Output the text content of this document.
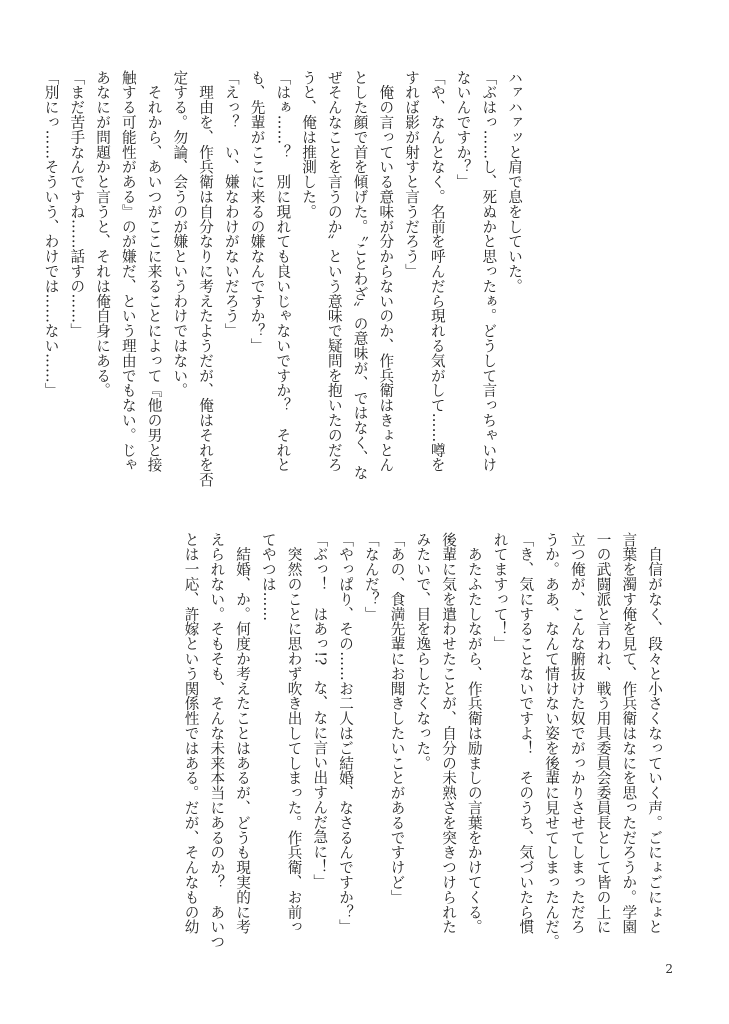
ハァハァッと肩で息をしていた。
「ぶはっ……し、死ぬかと思ったぁ。どうして言っちゃいけ
ないんですか？」
「や、なんとなく。名前を呼んだら現れる気がして……噂を
すれば影が射すと言うだろう」
　俺の言っている意味が分からないのか、作兵衛はきょとん
とした顔で首を傾げた。〝ことわざ〟の意味が、ではなく、な
ぜそんなことを言うのか〟という意味で疑問を抱いたのだろ
うと、俺は推測した。
「はぁ……？　別に現れても良いじゃないですか？　それと
も、先輩がここに来るの嫌なんですか？」
「えっ？　い、嫌なわけがないだろう」
　理由を、作兵衛は自分なりに考えたようだが、俺はそれを否
定する。勿論、会うのが嫌というわけではない。
　それから、あいつがここに来ることによって『他の男と接
触する可能性がある』のが嫌だ、という理由でもない。じゃ
あなにが問題かと言うと、それは俺自身にある。
「まだ苦手なんですね……話すの……」
「別にっ……そういう、わけでは……ない……」
　自信がなく、段々と小さくなっていく声。ごにょごにょと
言葉を濁す俺を見て、作兵衛はなにを思っただろうか。学園
一の武闘派と言われ、戦う用具委員会委員長として皆の上に
立つ俺が、こんな腑抜けた奴でがっかりさせてしまっただろ
うか。ああ、なんて情けない姿を後輩に見せてしまったんだ。
「き、気にすることないですよ！　そのうち、気づいたら慣
れてますって！」
　あたふたしながら、作兵衛は励ましの言葉をかけてくる。
後輩に気を遣わせたことが、自分の未熟さを突きつけられた
みたいで、目を逸らしたくなった。
「あの、食満先輩にお聞きしたいことがあるですけど」
「なんだ？」
「やっぱり、その……お二人はご結婚、なさるんですか？」
「ぶっ！　はあっ!?　な、なに言い出すんだ急に！」
　突然のことに思わず吹き出してしまった。作兵衛、お前っ
てやつは……
　結婚、か。何度か考えたことはあるが、どうも現実的に考
えられない。そもそも、そんな未来本当にあるのか？　あいつ
とは一応、許嫁という関係性ではある。だが、そんなもの幼
2
